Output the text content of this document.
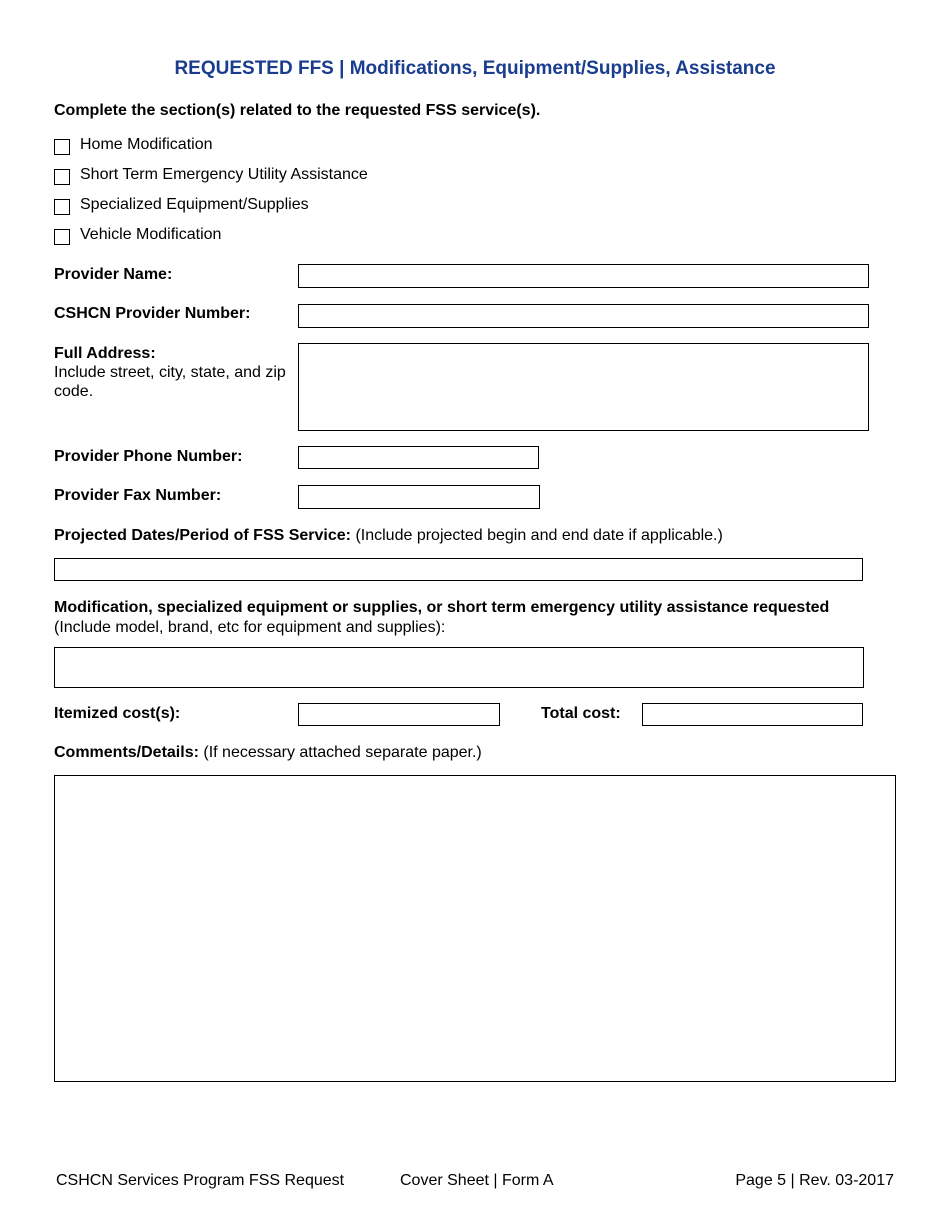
REQUESTED FFS | Modifications, Equipment/Supplies, Assistance
Complete the section(s) related to the requested FSS service(s).
Home Modification
Short Term Emergency Utility Assistance
Specialized Equipment/Supplies
Vehicle Modification
Provider Name:
CSHCN Provider Number:
Full Address:
Include street, city, state, and zip code.
Provider Phone Number:
Provider Fax Number:
Projected Dates/Period of FSS Service: (Include projected begin and end date if applicable.)
Modification, specialized equipment or supplies, or short term emergency utility assistance requested
(Include model, brand, etc for equipment and supplies):
Itemized cost(s):	Total cost:
Comments/Details: (If necessary attached separate paper.)
CSHCN Services Program FSS Request	Cover Sheet | Form A	Page 5 | Rev. 03-2017
